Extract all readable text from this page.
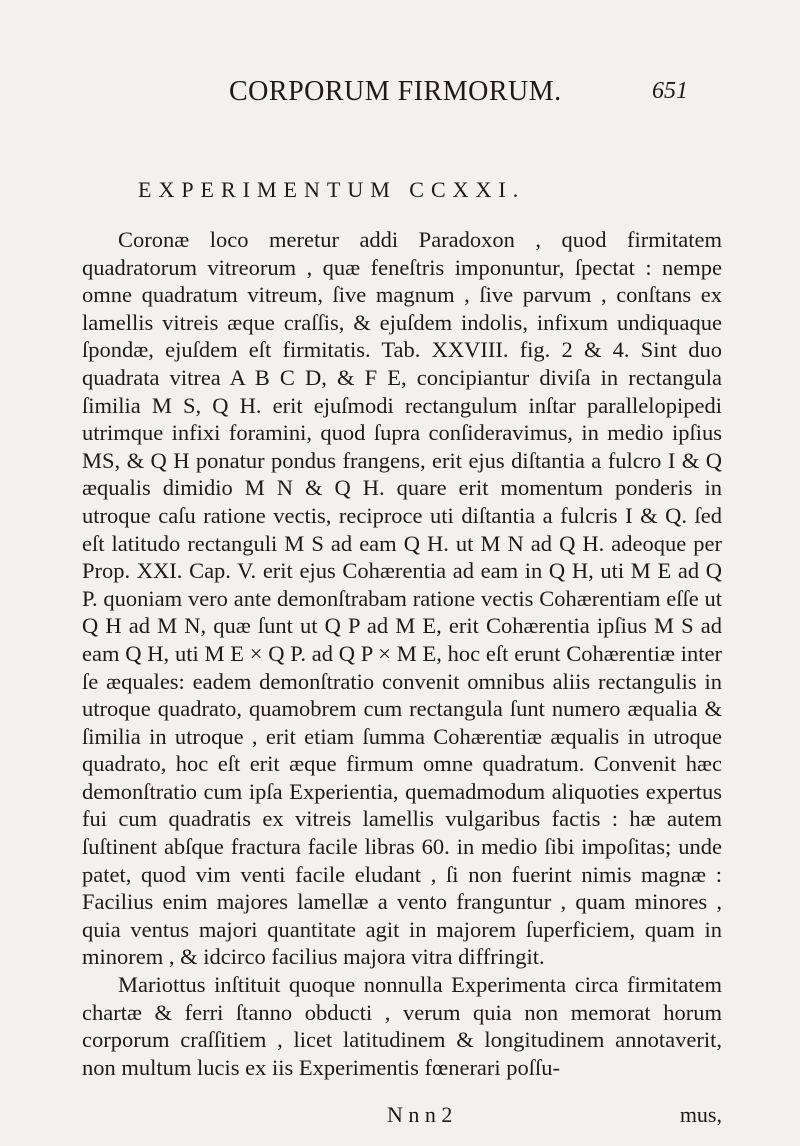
CORPORUM FIRMORUM.	651
EXPERIMENTUM CCXXI.

Coronæ loco meretur addi Paradoxon , quod firmitatem quadratorum vitreorum , quæ feneſtris imponuntur, ſpectat : nempe omne quadratum vitreum, ſive magnum , ſive parvum , conſtans ex lamellis vitreis æque craſſis, & ejuſdem indolis, infixum undiquaque ſpondæ, ejuſdem eſt firmitatis. Tab. XXVIII. fig. 2 & 4. Sint duo quadrata vitrea A B C D, & F E, concipiantur diviſa in rectangula ſimilia M S, Q H. erit ejuſmodi rectangulum inſtar parallelopipedi utrimque infixi foramini, quod ſupra conſideravimus, in medio ipſius MS, & Q H ponatur pondus frangens, erit ejus diſtantia a fulcro I & Q æqualis dimidio M N & Q H. quare erit momentum ponderis in utroque caſu ratione vectis, reciproce uti diſtantia a fulcris I & Q. ſed eſt latitudo rectanguli M S ad eam Q H. ut M N ad Q H. adeoque per Prop. XXI. Cap. V. erit ejus Cohærentia ad eam in Q H, uti M E ad Q P. quoniam vero ante demonſtrabam ratione vectis Cohærentiam eſſe ut Q H ad M N, quæ ſunt ut Q P ad M E, erit Cohærentia ipſius M S ad eam Q H, uti M E × Q P. ad Q P × M E, hoc eſt erunt Cohærentiæ inter ſe æquales: eadem demonſtratio convenit omnibus aliis rectangulis in utroque quadrato, quamobrem cum rectangula ſunt numero æqualia & ſimilia in utroque , erit etiam ſumma Cohærentiæ æqualis in utroque quadrato, hoc eſt erit æque firmum omne quadratum. Convenit hæc demonſtratio cum ipſa Experientia, quemadmodum aliquoties expertus fui cum quadratis ex vitreis lamellis vulgaribus factis : hæ autem ſuſtinent abſque fractura facile libras 60. in medio ſibi impoſitas; unde patet, quod vim venti facile eludant , ſi non fuerint nimis magnæ : Facilius enim majores lamellæ a vento franguntur , quam minores , quia ventus majori quantitate agit in majorem ſuperficiem, quam in minorem , & idcirco facilius majora vitra diffringit.

Mariottus inſtituit quoque nonnulla Experimenta circa firmitatem chartæ & ferri ſtanno obducti , verum quia non memorat horum corporum craſſitiem , licet latitudinem & longitudinem annotaverit, non multum lucis ex iis Experimentis fœnerari poſſu-

N n n 2	mus,
